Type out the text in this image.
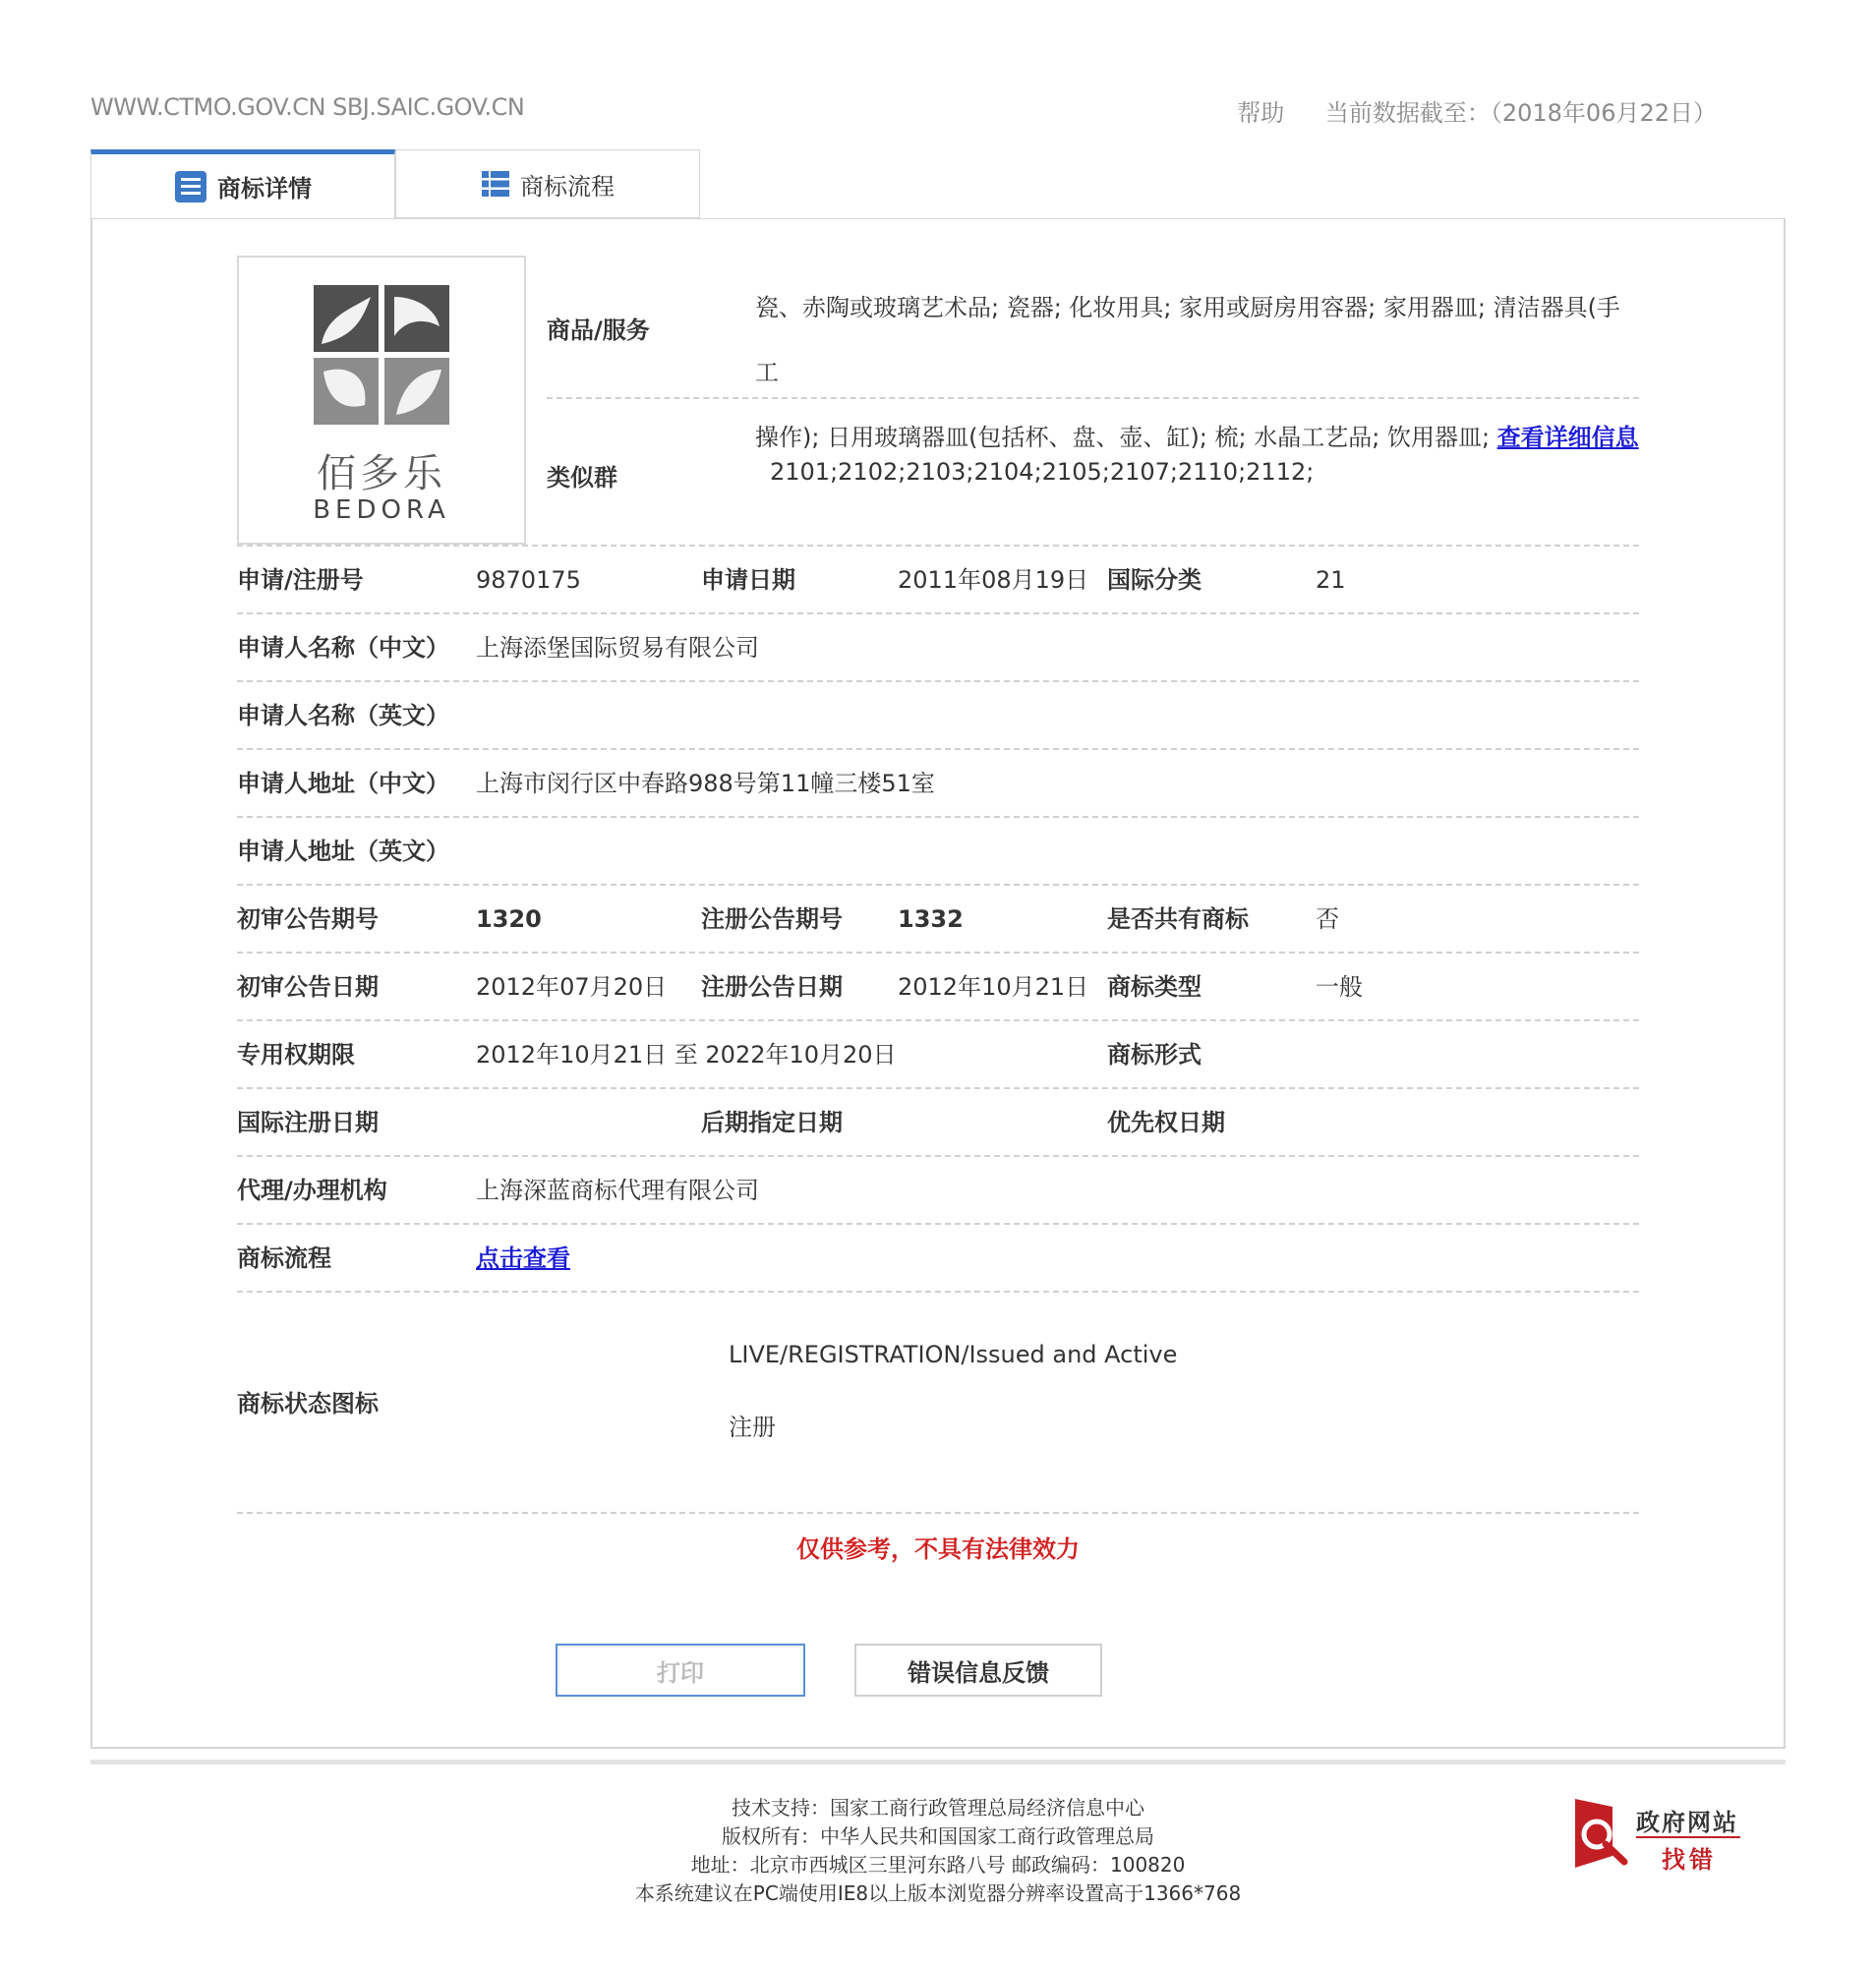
WWW.CTMO.GOV.CN SBJ.SAIC.GOV.CN	帮助 当前数据截至：（2018年06月22日）
商标详情	商标流程
佰多乐
BEDORA
商品/服务
瓷、赤陶或玻璃艺术品; 瓷器; 化妆用具; 家用或厨房用容器; 家用器皿; 清洁器具(手工
操作); 日用玻璃器皿(包括杯、盘、壶、缸); 梳; 水晶工艺品; 饮用器皿; 查看详细信息
类似群	2101;2102;2103;2104;2105;2107;2110;2112;
申请/注册号	9870175	申请日期	2011年08月19日 国际分类	21
申请人名称（中文） 上海添堡国际贸易有限公司
申请人名称（英文）
申请人地址（中文） 上海市闵行区中春路988号第11幢三楼51室
申请人地址（英文）
初审公告期号	1320	注册公告期号 1332	是否共有商标	否
初审公告日期	2012年07月20日 注册公告日期 2012年10月21日 商标类型	一般
专用权期限	2012年10月21日 至 2022年10月20日	商标形式
国际注册日期	后期指定日期	优先权日期
代理/办理机构	上海深蓝商标代理有限公司
商标流程	点击查看
商标状态图标
LIVE/REGISTRATION/Issued and Active
注册
仅供参考，不具有法律效力
打印	错误信息反馈
技术支持：国家工商行政管理总局经济信息中心
版权所有：中华人民共和国国家工商行政管理总局
地址：北京市西城区三里河东路八号 邮政编码：100820
本系统建议在PC端使用IE8以上版本浏览器分辨率设置高于1366*768
政府网站
找错
